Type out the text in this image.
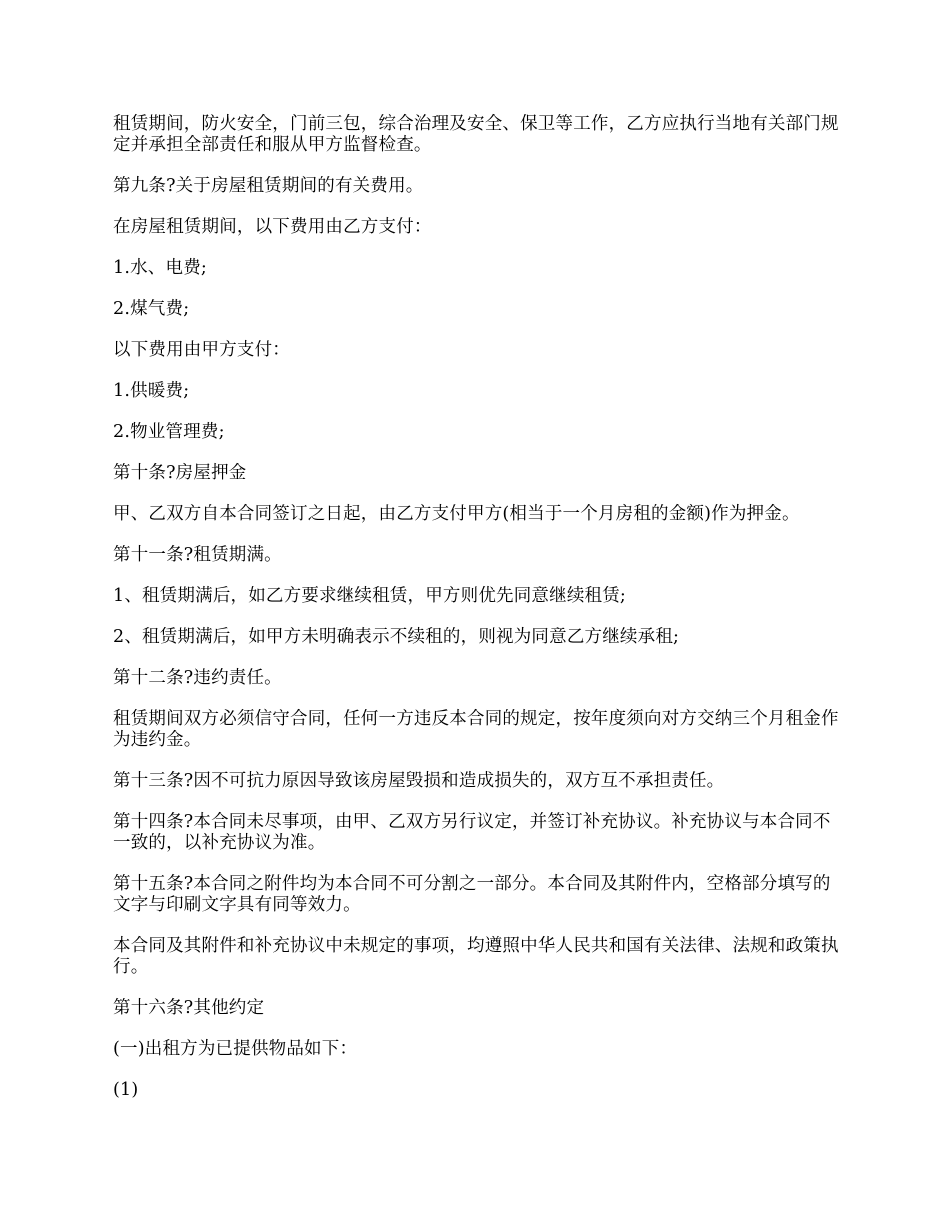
租赁期间，防火安全，门前三包，综合治理及安全、保卫等工作，乙方应执行当地有关部门规定并承担全部责任和服从甲方监督检查。

第九条?关于房屋租赁期间的有关费用。

在房屋租赁期间，以下费用由乙方支付：

1.水、电费;

2.煤气费;

以下费用由甲方支付：

1.供暖费;

2.物业管理费;

第十条?房屋押金

甲、乙双方自本合同签订之日起，由乙方支付甲方(相当于一个月房租的金额)作为押金。

第十一条?租赁期满。

1、租赁期满后，如乙方要求继续租赁，甲方则优先同意继续租赁;

2、租赁期满后，如甲方未明确表示不续租的，则视为同意乙方继续承租;

第十二条?违约责任。

租赁期间双方必须信守合同，任何一方违反本合同的规定，按年度须向对方交纳三个月租金作为违约金。

第十三条?因不可抗力原因导致该房屋毁损和造成损失的，双方互不承担责任。

第十四条?本合同未尽事项，由甲、乙双方另行议定，并签订补充协议。补充协议与本合同不一致的，以补充协议为准。

第十五条?本合同之附件均为本合同不可分割之一部分。本合同及其附件内，空格部分填写的文字与印刷文字具有同等效力。

本合同及其附件和补充协议中未规定的事项，均遵照中华人民共和国有关法律、法规和政策执行。

第十六条?其他约定

(一)出租方为已提供物品如下：

(1)
